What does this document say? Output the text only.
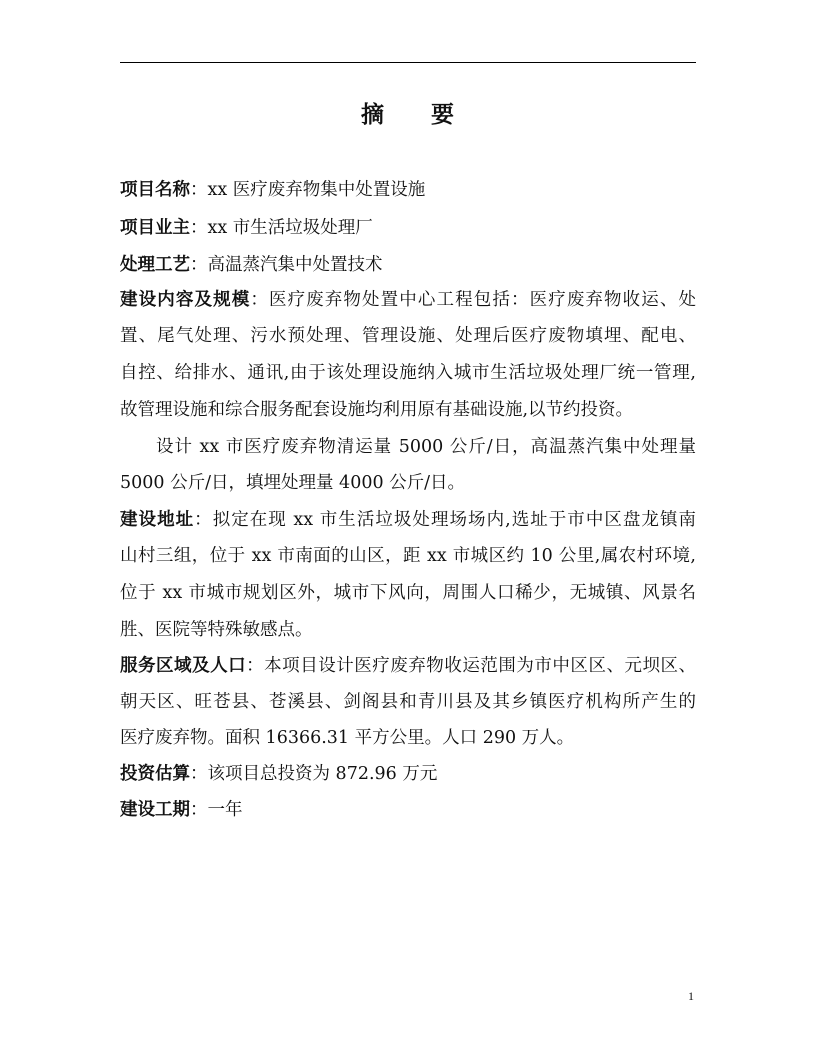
摘 要
项目名称：xx 医疗废弃物集中处置设施
项目业主：xx 市生活垃圾处理厂
处理工艺：高温蒸汽集中处置技术
建设内容及规模：医疗废弃物处置中心工程包括：医疗废弃物收运、处
置、尾气处理、污水预处理、管理设施、处理后医疗废物填埋、配电、
自控、给排水、通讯,由于该处理设施纳入城市生活垃圾处理厂统一管理,
故管理设施和综合服务配套设施均利用原有基础设施,以节约投资。
设计 xx 市医疗废弃物清运量 5000 公斤/日，高温蒸汽集中处理量
5000 公斤/日，填埋处理量 4000 公斤/日。
建设地址：拟定在现 xx 市生活垃圾处理场场内,选址于市中区盘龙镇南
山村三组，位于 xx 市南面的山区，距 xx 市城区约 10 公里,属农村环境,
位于 xx 市城市规划区外，城市下风向，周围人口稀少，无城镇、风景名
胜、医院等特殊敏感点。
服务区域及人口：本项目设计医疗废弃物收运范围为市中区区、元坝区、
朝天区、旺苍县、苍溪县、剑阁县和青川县及其乡镇医疗机构所产生的
医疗废弃物。面积 16366.31 平方公里。人口 290 万人。
投资估算：该项目总投资为 872.96 万元
建设工期：一年
1
